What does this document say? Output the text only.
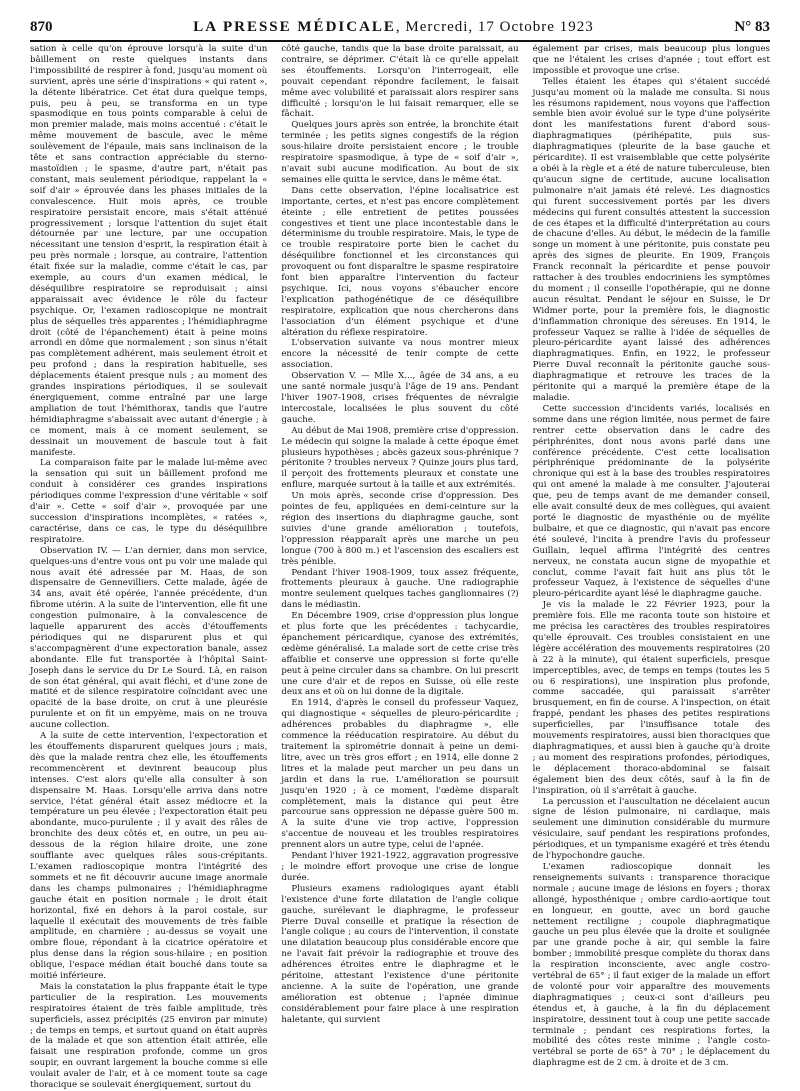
870	LA PRESSE MÉDICALE, Mercredi, 17 Octobre 1923	N° 83

sation à celle qu'on éprouve lorsqu'à la suite d'un bâillement on reste quelques instants dans l'impossibilité de respirer à fond, jusqu'au moment où survient, après une série d'inspirations « qui ratent », la détente libératrice. Cet état dura quelque temps, puis, peu à peu, se transforma en un type spasmodique en tous points comparable à celui de mon premier malade, mais moins accentué : c'était le même mouvement de bascule, avec le même soulèvement de l'épaule, mais sans inclinaison de la tête et sans contraction appréciable du sterno-mastoïdien ; le spasme, d'autre part, n'était pas constant, mais seulement périodique, rappelant la « soif d'air » éprouvée dans les phases initiales de la convalescence. Huit mois après, ce trouble respiratoire persistait encore, mais s'était atténué progressivement ; lorsque l'attention du sujet était détournée par une lecture, par une occupation nécessitant une tension d'esprit, la respiration était à peu près normale ; lorsque, au contraire, l'attention était fixée sur la maladie, comme c'était le cas, par exemple, au cours d'un examen médical, le déséquilibre respiratoire se reproduisait ; ainsi apparaissait avec évidence le rôle du facteur psychique. Or, l'examen radioscopique ne montrait plus de séquelles très apparentes ; l'hémidiaphragme droit (côté de l'épanchement) était à peine moins arrondi en dôme que normalement ; son sinus n'était pas complètement adhérent, mais seulement étroit et peu profond ; dans la respiration habituelle, ses déplacements étaient presque nuls ; au moment des grandes inspirations périodiques, il se soulevait énergiquement, comme entraîné par une large ampliation de tout l'hémithorax, tandis que l'autre hémidiaphragme s'abaissait avec autant d'énergie ; à ce moment, mais à ce moment seulement, se dessinait un mouvement de bascule tout à fait manifeste.

La comparaison faite par le malade lui-même avec la sensation qui suit un bâillement profond me conduit à considérer ces grandes inspirations périodiques comme l'expression d'une véritable « soif d'air ». Cette « soif d'air », provoquée par une succession d'inspirations incomplètes, « ratées », caractérise, dans ce cas, le type du déséquilibre respiratoire.

Observation IV. — L'an dernier, dans mon service, quelques-uns d'entre vous ont pu voir une malade qui nous avait été adressée par M. Haas, de son dispensaire de Gennevilliers. Cette malade, âgée de 34 ans, avait été opérée, l'année précédente, d'un fibrome utérin. A la suite de l'intervention, elle fit une congestion pulmonaire, à la convalescence de laquelle apparurent des accès d'étouffements périodiques qui ne disparurent plus et qui s'accompagnèrent d'une expectoration banale, assez abondante. Elle fut transportée à l'hôpital Saint-Joseph dans le service du Dr Le Sourd. Là, en raison de son état général, qui avait fléchi, et d'une zone de matité et de silence respiratoire coïncidant avec une opacité de la base droite, on crut à une pleurésie purulente et on fit un empyème, mais on ne trouva aucune collection.

A la suite de cette intervention, l'expectoration et les étouffements disparurent quelques jours ; mais, dès que la malade rentra chez elle, les étouffements recommencèrent et devinrent beaucoup plus intenses. C'est alors qu'elle alla consulter à son dispensaire M. Haas. Lorsqu'elle arriva dans notre service, l'état général était assez médiocre et la température un peu élevée ; l'expectoration était peu abondante, muco-purulente ; il y avait des râles de bronchite des deux côtés et, en outre, un peu au-dessous de la région hilaire droite, une zone soufflante avec quelques râles sous-crépitants. L'examen radioscopique montra l'intégrité des sommets et ne fit découvrir aucune image anormale dans les champs pulmonaires ; l'hémidiaphragme gauche était en position normale ; le droit était horizontal, fixé en dehors à la paroi costale, sur laquelle il exécutait des mouvements de très faible amplitude, en charnière ; au-dessus se voyait une ombre floue, répondant à la cicatrice opératoire et plus dense dans la région sous-hilaire ; en position oblique, l'espace médian était bouché dans toute sa moitié inférieure.

Mais la constatation la plus frappante était le type particulier de la respiration. Les mouvements respiratoires étaient de très faible amplitude, très superficiels, assez précipités (25 environ par minute) ; de temps en temps, et surtout quand on était auprès de la malade et que son attention était attirée, elle faisait une respiration profonde, comme un gros soupir, en ouvrant largement la bouche comme si elle voulait avaler de l'air, et à ce moment toute sa cage thoracique se soulevait énergiquement, surtout du

côté gauche, tandis que la base droite paraissait, au contraire, se déprimer. C'était là ce qu'elle appelait ses étouffements. Lorsqu'on l'interrogeait, elle pouvait cependant répondre facilement, le faisait même avec volubilité et paraissait alors respirer sans difficulté ; lorsqu'on le lui faisait remarquer, elle se fâchait.

Quelques jours après son entrée, la bronchite était terminée ; les petits signes congestifs de la région sous-hilaire droite persistaient encore ; le trouble respiratoire spasmodique, à type de « soif d'air », n'avait subi aucune modification. Au bout de six semaines elle quitta le service, dans le même état.

Dans cette observation, l'épine localisatrice est importante, certes, et n'est pas encore complètement éteinte ; elle entretient de petites poussées congestives et tient une place incontestable dans le déterminisme du trouble respiratoire. Mais, le type de ce trouble respiratoire porte bien le cachet du déséquilibre fonctionnel et les circonstances qui provoquent ou font disparaître le spasme respiratoire font bien apparaître l'intervention du facteur psychique. Ici, nous voyons s'ébaucher encore l'explication pathogénétique de ce déséquilibre respiratoire, explication que nous chercherons dans l'association d'un élément psychique et d'une altération du réflexe respiratoire.

L'observation suivante va nous montrer mieux encore la nécessité de tenir compte de cette association.

Observation V. — Mlle X..., âgée de 34 ans, a eu une santé normale jusqu'à l'âge de 19 ans. Pendant l'hiver 1907-1908, crises fréquentes de névralgie intercostale, localisées le plus souvent du côté gauche.

Au début de Mai 1908, première crise d'oppression. Le médecin qui soigne la malade à cette époque émet plusieurs hypothèses ; abcès gazeux sous-phrénique ? péritonite ? troubles nerveux ? Quinze jours plus tard, il perçoit des frottements pleuraux et constate une enflure, marquée surtout à la taille et aux extrémités.

Un mois après, seconde crise d'oppression. Des pointes de feu, appliquées en demi-ceinture sur la région des insertions du diaphragme gauche, sont suivies d'une grande amélioration ; toutefois, l'oppression réapparaît après une marche un peu longue (700 à 800 m.) et l'ascension des escaliers est très pénible.

Pendant l'hiver 1908-1909, toux assez fréquente, frottements pleuraux à gauche. Une radiographie montre seulement quelques taches ganglionnaires (?) dans le médiastin.

En Décembre 1909, crise d'oppression plus longue et plus forte que les précédentes : tachycardie, épanchement péricardique, cyanose des extrémités, œdème généralisé. La malade sort de cette crise très affaiblie et conserve une oppression si forte qu'elle peut à peine circuler dans sa chambre. On lui prescrit une cure d'air et de repos en Suisse, où elle reste deux ans et où on lui donne de la digitale.

En 1914, d'après le conseil du professeur Vaquez, qui diagnostique « séquelles de pleuro-péricardite ; adhérences probables du diaphragme », elle commence la rééducation respiratoire. Au début du traitement la spirométrie donnait à peine un demi-litre, avec un très gros effort ; en 1914, elle donne 2 litres et la malade peut marcher un peu dans un jardin et dans la rue. L'amélioration se poursuit jusqu'en 1920 ; à ce moment, l'œdème disparaît complètement, mais la distance qui peut être parcourue sans oppression ne dépasse guère 500 m. A la suite d'une vie trop active, l'oppression s'accentue de nouveau et les troubles respiratoires prennent alors un autre type, celui de l'apnée.

Pendant l'hiver 1921-1922, aggravation progressive ; le moindre effort provoque une crise de longue durée.

Plusieurs examens radiologiques ayant établi l'existence d'une forte dilatation de l'angle colique gauche, surélevant le diaphragme, le professeur Pierre Duval conseille et pratique la résection de l'angle colique ; au cours de l'intervention, il constate une dilatation beaucoup plus considérable encore que ne l'avait fait prévoir la radiographie et trouve des adhérences étroites entre le diaphragme et le péritoine, attestant l'existence d'une péritonite ancienne. A la suite de l'opération, une grande amélioration est obtenue ; l'apnée diminue considérablement pour faire place à une respiration haletante, qui survient

également par crises, mais beaucoup plus longues que ne l'étaient les crises d'apnée ; tout effort est impossible et provoque une crise.

Telles étaient les étapes qui s'étaient succédé jusqu'au moment où la malade me consulta. Si nous les résumons rapidement, nous voyons que l'affection semble bien avoir évolué sur le type d'une polysérite dont les manifestations furent d'abord sous-diaphragmatiques (périhépatite, puis sus-diaphragmatiques (pleurite de la base gauche et péricardite). Il est vraisemblable que cette polysérite a obéi à la règle et a été de nature tuberculeuse, bien qu'aucun signe de certitude, aucune localisation pulmonaire n'ait jamais été relevé. Les diagnostics qui furent successivement portés par les divers médecins qui furent consultés attestent la succession de ces étapes et la difficulté d'interprétation au cours de chacune d'elles. Au début, le médecin de la famille songe un moment à une péritonite, puis constate peu après des signes de pleurite. En 1909, François Franck reconnaît la péricardite et pense pouvoir rattacher à des troubles endocriniens les symptômes du moment ; il conseille l'opothérapie, qui ne donne aucun résultat. Pendant le séjour en Suisse, le Dr Widmer porte, pour la première fois, le diagnostic d'inflammation chronique des séreuses. En 1914, le professeur Vaquez se rallie à l'idée de séquelles de pleuro-péricardite ayant laissé des adhérences diaphragmatiques. Enfin, en 1922, le professeur Pierre Duval reconnaît la péritonite gauche sous-diaphragmatique et retrouve les traces de la péritonite qui a marqué la première étape de la maladie.

Cette succession d'incidents variés, localisés en somme dans une région limitée, nous permet de faire rentrer cette observation dans le cadre des périphrénites, dont nous avons parlé dans une conférence précédente. C'est cette localisation périphrénique prédominante de la polysérite chronique qui est à la base des troubles respiratoires qui ont amené la malade à me consulter. J'ajouterai que, peu de temps avant de me demander conseil, elle avait consulté deux de mes collègues, qui avaient porté le diagnostic de myasthénie ou de myélite bulbaire, et que ce diagnostic, qui n'avait pas encore été soulevé, l'incita à prendre l'avis du professeur Guillain, lequel affirma l'intégrité des centres nerveux, ne constata aucun signe de myopathie et conclut, comme l'avait fait huit ans plus tôt le professeur Vaquez, à l'existence de séquelles d'une pleuro-péricardite ayant lésé le diaphragme gauche.

Je vis la malade le 22 Février 1923, pour la première fois. Elle me raconta toute son histoire et me précisa les caractères des troubles respiratoires qu'elle éprouvait. Ces troubles consistaient en une légère accélération des mouvements respiratoires (20 à 22 à la minute), qui étaient superficiels, presque imperceptibles, avec, de temps en temps (toutes les 5 ou 6 respirations), une inspiration plus profonde, comme saccadée, qui paraissait s'arrêter brusquement, en fin de course. A l'inspection, on était frappé, pendant les phases des petites respirations superficielles, par l'insuffisance totale des mouvements respiratoires, aussi bien thoraciques que diaphragmatiques, et aussi bien à gauche qu'à droite ; au moment des respirations profondes, périodiques, le déplacement thoraco-abdominal se faisait également bien des deux côtés, sauf à la fin de l'inspiration, où il s'arrêtait à gauche.

La percussion et l'auscultation ne décelaient aucun signe de lésion pulmonaire, ni cardiaque, mais seulement une diminution considérable du murmure vésiculaire, sauf pendant les respirations profondes, périodiques, et un tympanisme exagéré et très étendu de l'hypochondre gauche.

L'examen radioscopique donnait les renseignements suivants : transparence thoracique normale ; aucune image de lésions en foyers ; thorax allongé, hyposthénique ; ombre cardio-aortique tout en longueur, en goutte, avec un bord gauche nettement rectiligne ; coupole diaphragmatique gauche un peu plus élevée que la droite et soulignée par une grande poche à air, qui semble la faire bomber ; immobilité presque complète du thorax dans la respiration inconsciente, avec angle costro-vertébral de 65° ; il faut exiger de la malade un effort de volonté pour voir apparaître des mouvements diaphragmatiques ; ceux-ci sont d'ailleurs peu étendus et, à gauche, à la fin du déplacement inspiratoire, dessinent tout à coup une petite saccade terminale ; pendant ces respirations fortes, la mobilité des côtes reste minime ; l'angle costo-vertébral se porte de 65° à 70° ; le déplacement du diaphragme est de 2 cm. à droite et de 3 cm.
